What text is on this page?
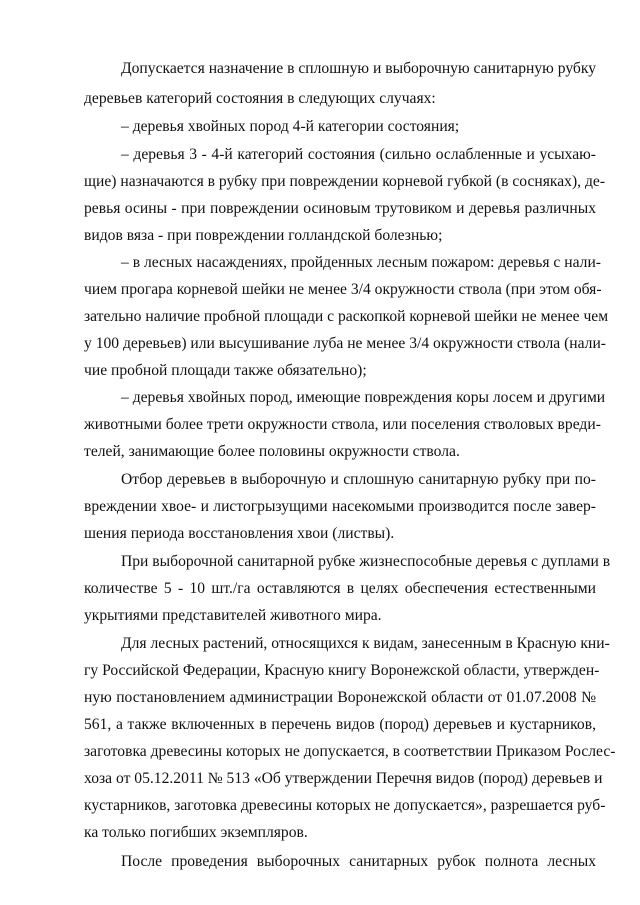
Допускается назначение в сплошную и выборочную санитарную рубку
деревьев категорий состояния в следующих случаях:
– деревья хвойных пород 4-й категории состояния;
– деревья 3 - 4-й категорий состояния (сильно ослабленные и усыхаю-
щие) назначаются в рубку при повреждении корневой губкой (в сосняках), де-
ревья осины - при повреждении осиновым трутовиком и деревья различных
видов вяза - при повреждении голландской болезнью;
– в лесных насаждениях, пройденных лесным пожаром: деревья с нали-
чием прогара корневой шейки не менее 3/4 окружности ствола (при этом обя-
зательно наличие пробной площади с раскопкой корневой шейки не менее чем
у 100 деревьев) или высушивание луба не менее 3/4 окружности ствола (нали-
чие пробной площади также обязательно);
– деревья хвойных пород, имеющие повреждения коры лосем и другими
животными более трети окружности ствола, или поселения стволовых вреди-
телей, занимающие более половины окружности ствола.
Отбор деревьев в выборочную и сплошную санитарную рубку при по-
вреждении хвое- и листогрызущими насекомыми производится после завер-
шения периода восстановления хвои (листвы).
При выборочной санитарной рубке жизнеспособные деревья с дуплами в
количестве 5 - 10 шт./га оставляются в целях обеспечения естественными
укрытиями представителей животного мира.
Для лесных растений, относящихся к видам, занесенным в Красную кни-
гу Российской Федерации, Красную книгу Воронежской области, утвержден-
ную постановлением администрации Воронежской области от 01.07.2008 №
561, а также включенных в перечень видов (пород) деревьев и кустарников,
заготовка древесины которых не допускается, в соответствии Приказом Рослес-
хоза от 05.12.2011 № 513 «Об утверждении Перечня видов (пород) деревьев и
кустарников, заготовка древесины которых не допускается», разрешается руб-
ка только погибших экземпляров.
После проведения выборочных санитарных рубок полнота лесных
